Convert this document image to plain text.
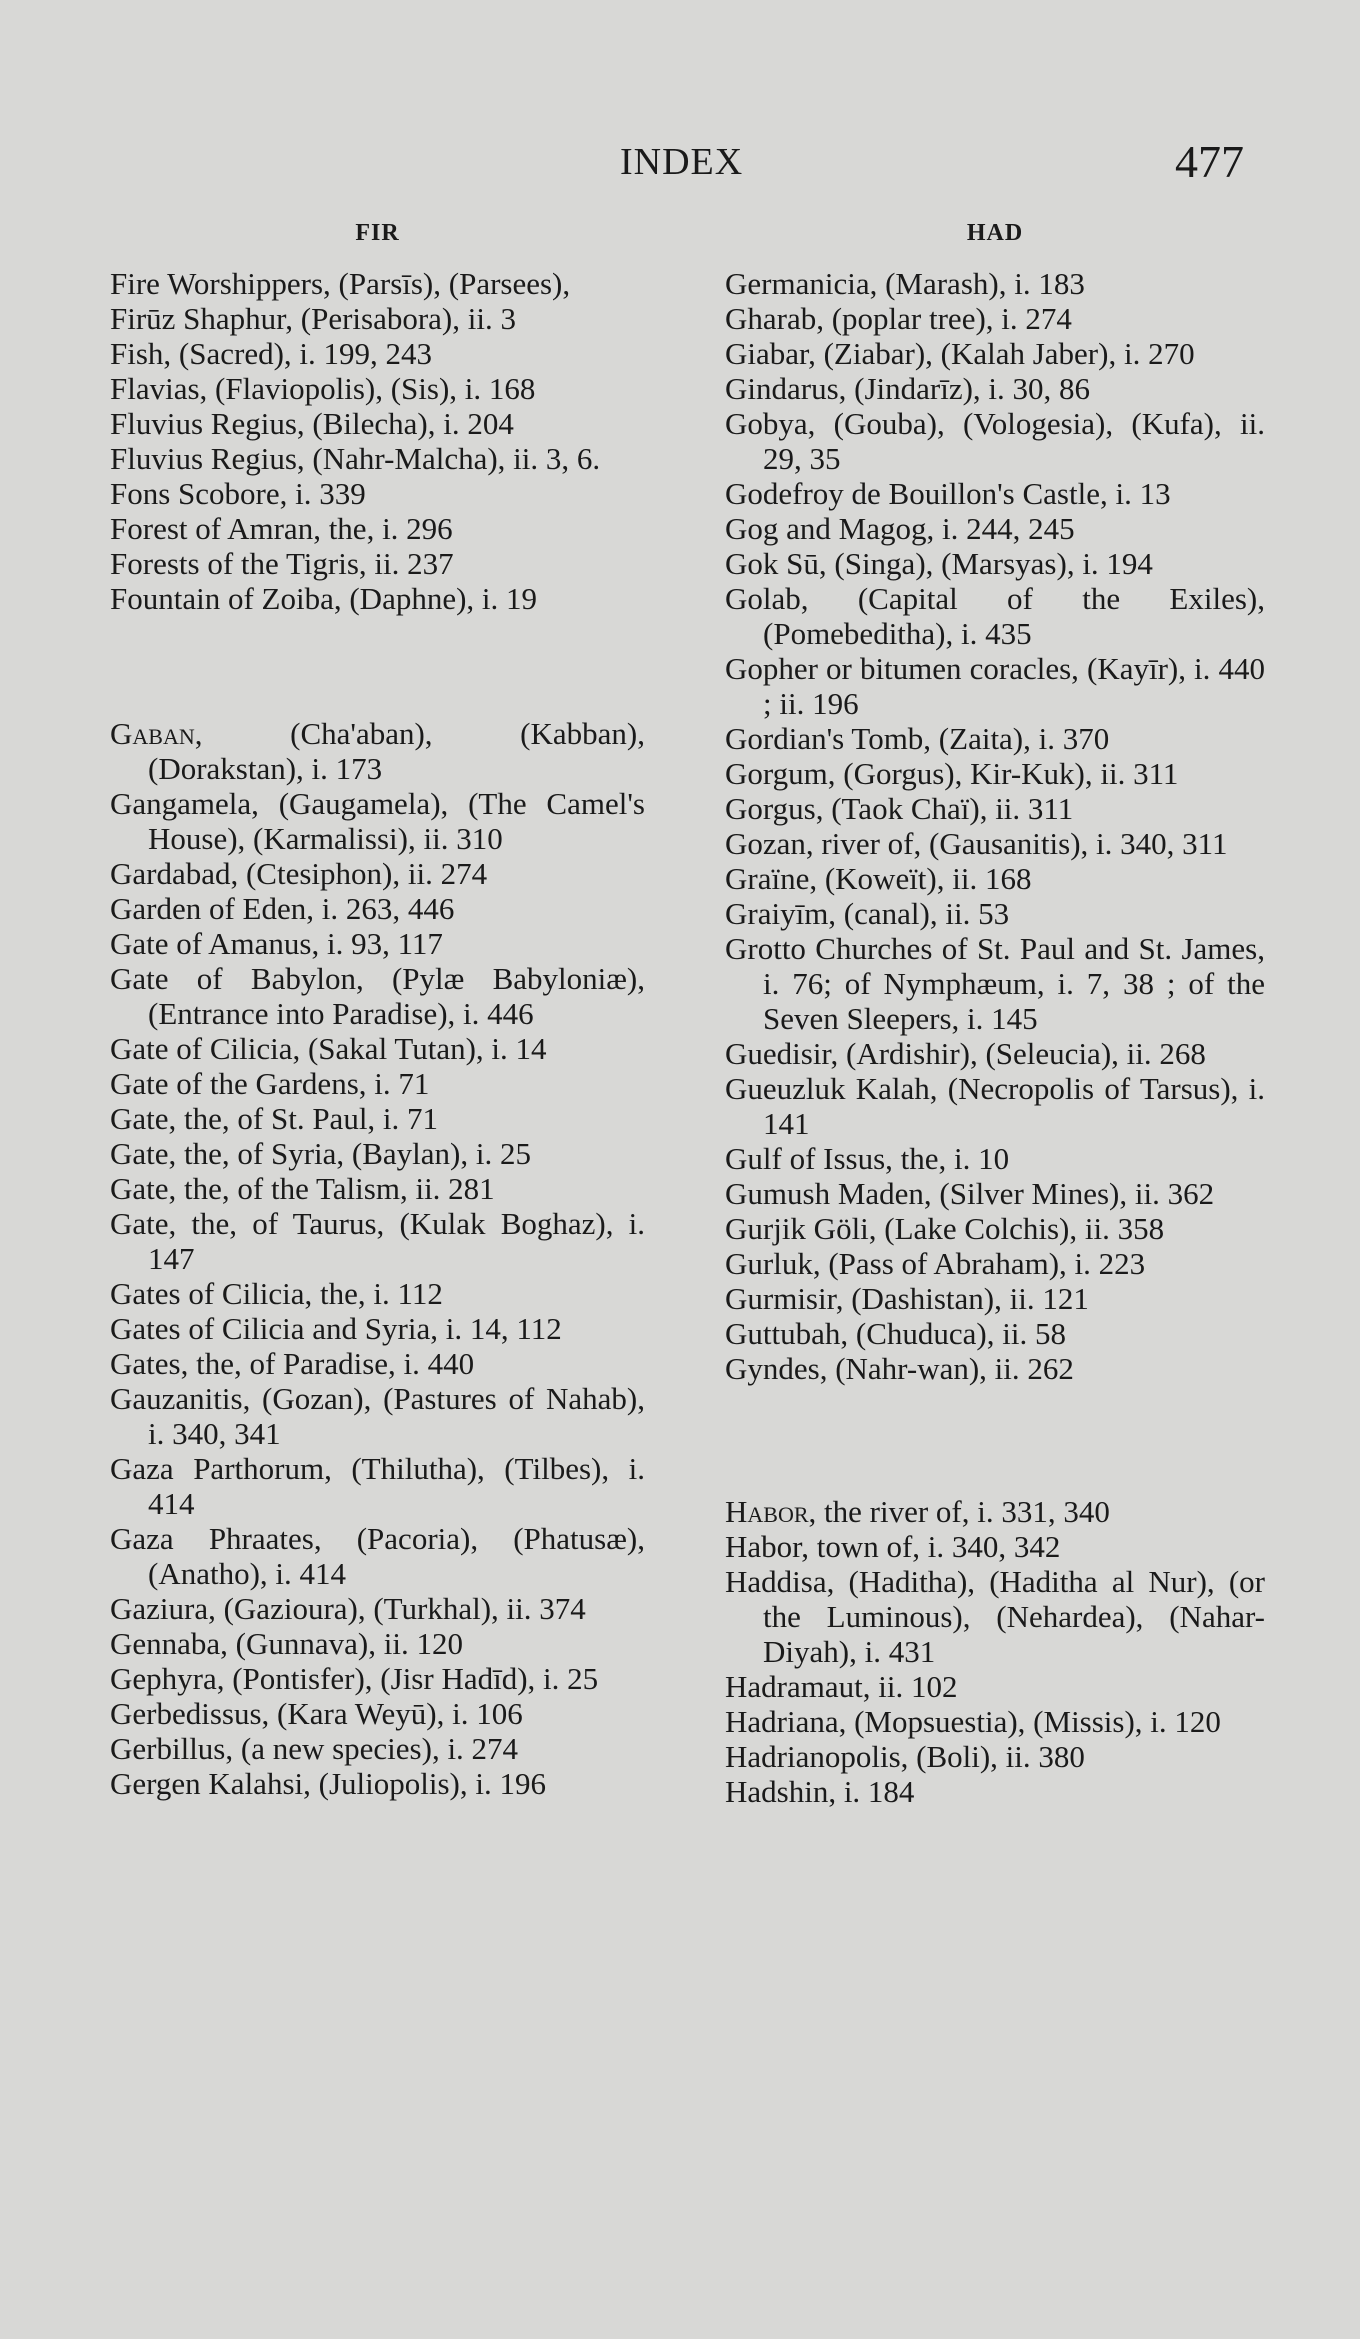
INDEX	477
FIR
Fire Worshippers, (Parsīs), (Parsees),
Firūz Shaphur, (Perisabora), ii. 3
Fish, (Sacred), i. 199, 243
Flavias, (Flaviopolis), (Sis), i. 168
Fluvius Regius, (Bilecha), i. 204
Fluvius Regius, (Nahr-Malcha), ii. 3, 6.
Fons Scobore, i. 339
Forest of Amran, the, i. 296
Forests of the Tigris, ii. 237
Fountain of Zoiba, (Daphne), i. 19
Gaban, (Cha'aban), (Kabban), (Dorakstan), i. 173
Gangamela, (Gaugamela), (The Camel's House), (Karmalissi), ii. 310
Gardabad, (Ctesiphon), ii. 274
Garden of Eden, i. 263, 446
Gate of Amanus, i. 93, 117
Gate of Babylon, (Pylæ Babyloniæ), (Entrance into Paradise), i. 446
Gate of Cilicia, (Sakal Tutan), i. 14
Gate of the Gardens, i. 71
Gate, the, of St. Paul, i. 71
Gate, the, of Syria, (Baylan), i. 25
Gate, the, of the Talism, ii. 281
Gate, the, of Taurus, (Kulak Boghaz), i. 147
Gates of Cilicia, the, i. 112
Gates of Cilicia and Syria, i. 14, 112
Gates, the, of Paradise, i. 440
Gauzanitis, (Gozan), (Pastures of Nahab), i. 340, 341
Gaza Parthorum, (Thilutha), (Tilbes), i. 414
Gaza Phraates, (Pacoria), (Phatusæ), (Anatho), i. 414
Gaziura, (Gazioura), (Turkhal), ii. 374
Gennaba, (Gunnava), ii. 120
Gephyra, (Pontisfer), (Jisr Hadīd), i. 25
Gerbedissus, (Kara Weyū), i. 106
Gerbillus, (a new species), i. 274
Gergen Kalahsi, (Juliopolis), i. 196
HAD
Germanicia, (Marash), i. 183
Gharab, (poplar tree), i. 274
Giabar, (Ziabar), (Kalah Jaber), i. 270
Gindarus, (Jindarīz), i. 30, 86
Gobya, (Gouba), (Vologesia), (Kufa), ii. 29, 35
Godefroy de Bouillon's Castle, i. 13
Gog and Magog, i. 244, 245
Gok Sū, (Singa), (Marsyas), i. 194
Golab, (Capital of the Exiles), (Pomebeditha), i. 435
Gopher or bitumen coracles, (Kayīr), i. 440 ; ii. 196
Gordian's Tomb, (Zaita), i. 370
Gorgum, (Gorgus), Kir-Kuk), ii. 311
Gorgus, (Taok Chaï), ii. 311
Gozan, river of, (Gausanitis), i. 340, 311
Graïne, (Koweït), ii. 168
Graiyīm, (canal), ii. 53
Grotto Churches of St. Paul and St. James, i. 76; of Nymphæum, i. 7, 38 ; of the Seven Sleepers, i. 145
Guedisir, (Ardishir), (Seleucia), ii. 268
Gueuzluk Kalah, (Necropolis of Tarsus), i. 141
Gulf of Issus, the, i. 10
Gumush Maden, (Silver Mines), ii. 362
Gurjik Göli, (Lake Colchis), ii. 358
Gurluk, (Pass of Abraham), i. 223
Gurmisir, (Dashistan), ii. 121
Guttubah, (Chuduca), ii. 58
Gyndes, (Nahr-wan), ii. 262
Habor, the river of, i. 331, 340
Habor, town of, i. 340, 342
Haddisa, (Haditha), (Haditha al Nur), (or the Luminous), (Nehardea), (Nahar-Diyah), i. 431
Hadramaut, ii. 102
Hadriana, (Mopsuestia), (Missis), i. 120
Hadrianopolis, (Boli), ii. 380
Hadshin, i. 184
